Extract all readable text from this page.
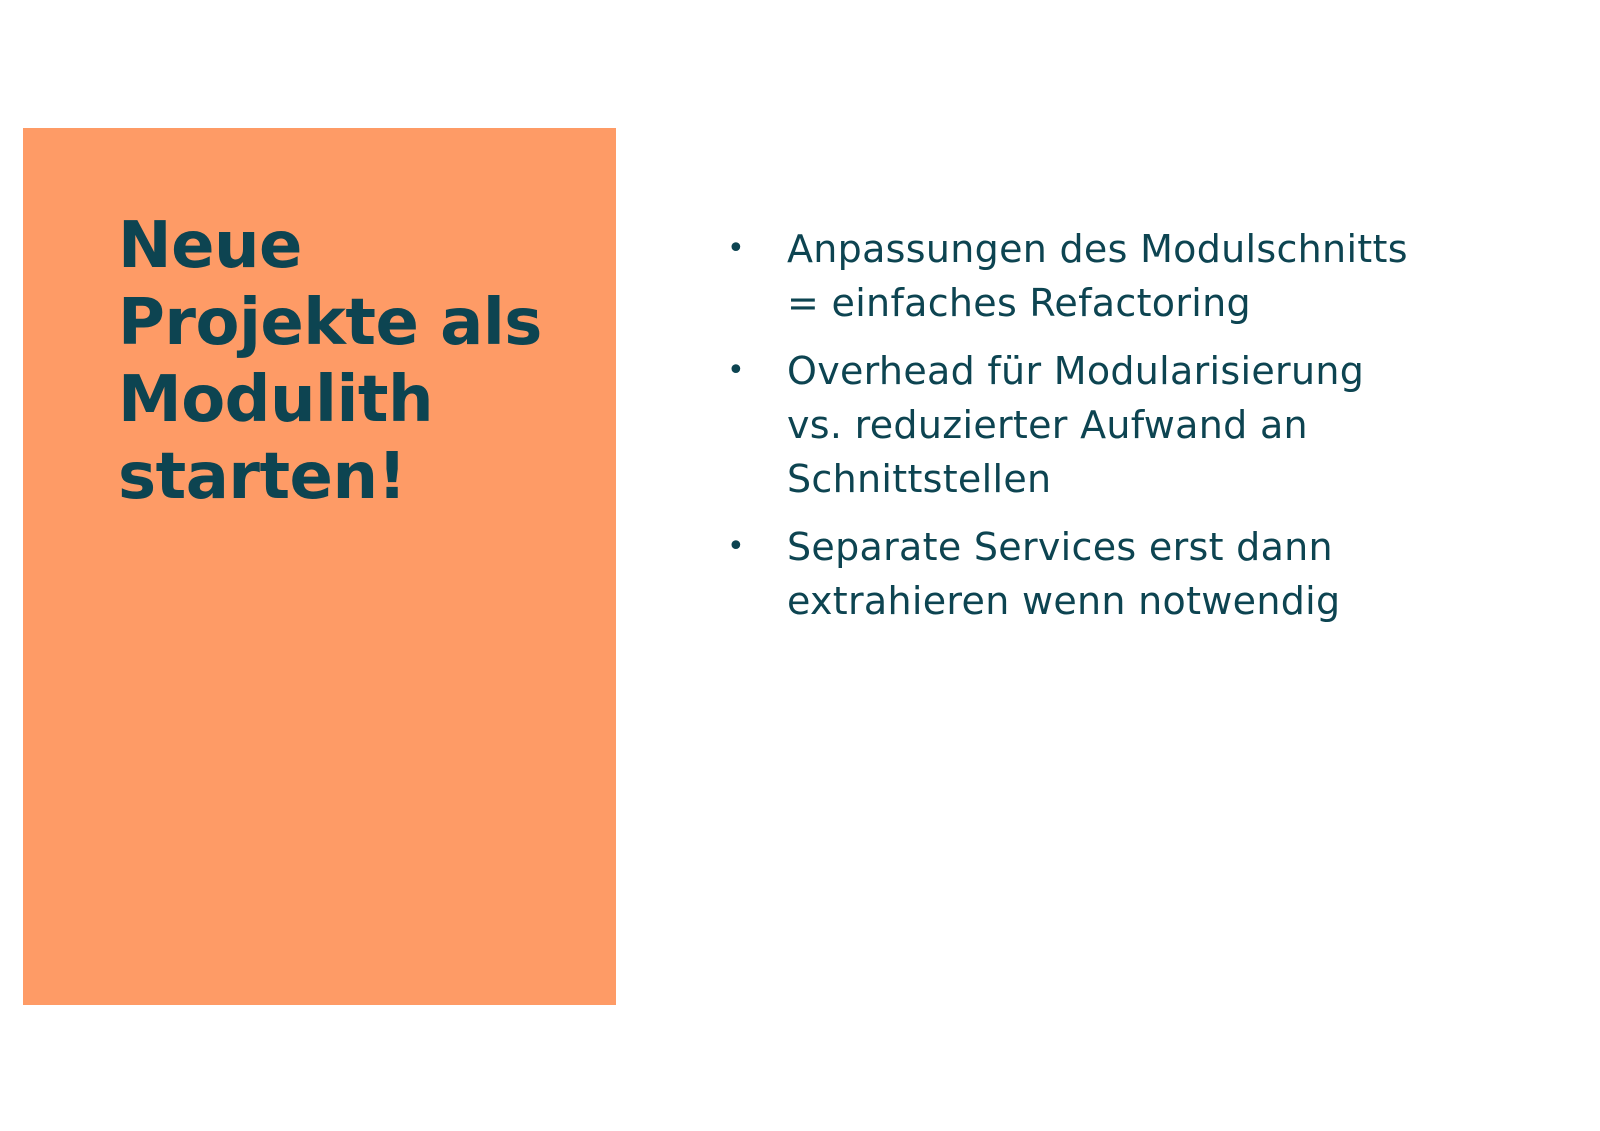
Neue
Projekte als
Modulith
starten!
• Anpassungen des Modulschnitts
= einfaches Refactoring
• Overhead für Modularisierung
vs. reduzierter Aufwand an
Schnittstellen
• Separate Services erst dann
extrahieren wenn notwendig
